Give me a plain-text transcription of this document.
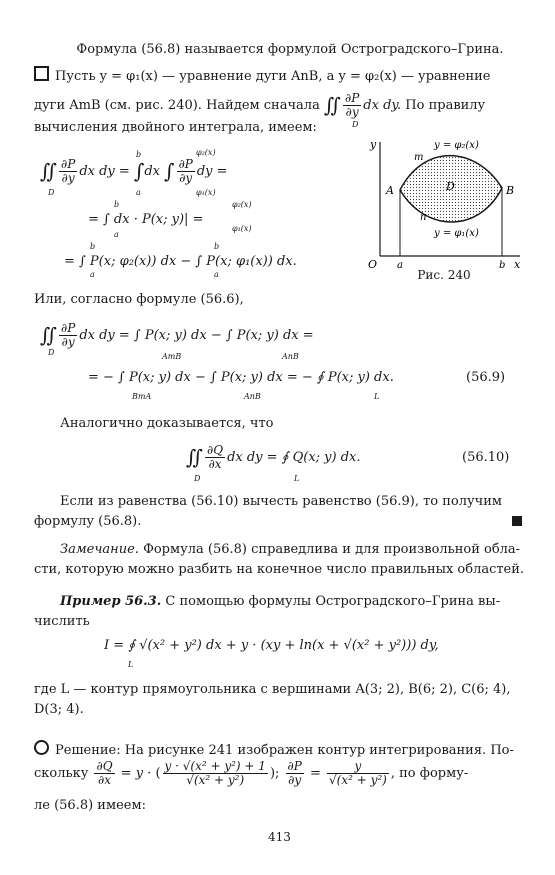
Формула (56.8) называется формулой Остроградского–Грина.
Пусть y = φ₁(x) — уравнение дуги AnB, а y = φ₂(x) — уравнение
дуги AmB (см. рис. 240). Найдем сначала ∬ $\frac{\partial P}{\partial y}$ dx dy. По правилу
D
вычисления двойного интеграла, имеем:
∬ $\frac{\partial P}{\partial y}$ dx dy = ∫dx ∫ $\frac{\partial P}{\partial y}$ dy =
D
b
a
φ₂(x)
φ₁(x)
= ∫ dx · P(x; y)| =
b
a
φ₂(x)
φ₁(x)
= ∫ P(x; φ₂(x)) dx − ∫ P(x; φ₁(x)) dx.
b
a
b
a
y
x
O a	b
A	B
D
m
n
y = φ₂(x)
y = φ₁(x)
Рис. 240
Или, согласно формуле (56.6),
∬ $\frac{\partial P}{\partial y}$ dx dy = ∫ P(x; y) dx − ∫ P(x; y) dx =
D	AmB	AnB
= − ∫ P(x; y) dx − ∫ P(x; y) dx = − ∮ P(x; y) dx.	(56.9)
BmA	AnB	L
Аналогично доказывается, что
∬ $\frac{\partial Q}{\partial x}$ dx dy = ∮ Q(x; y) dx.
D	L
(56.10)
Если из равенства (56.10) вычесть равенство (56.9), то получим
формулу (56.8).
Замечание. Формула (56.8) справедлива и для произвольной обла-
сти, которую можно разбить на конечное число правильных областей.
Пример 56.3. С помощью формулы Остроградского–Грина вы-
числить
I = ∮ √(x² + y²) dx + y · (xy + ln(x + √(x² + y²))) dy,
L
где L — контур прямоугольника с вершинами A(3; 2), B(6; 2), C(6; 4),
D(3; 4).
Решение: На рисунке 241 изображен контур интегрирования. По-
скольку $\frac{\partial Q}{\partial x} = y$ · ( $\frac{\text{y · √(x² + y²) + 1}}{\text{√(x² + y²)}}$ ); $\frac{\partial P}{\partial y} = \frac{y}{\text{√(x² + y²)}}$ , по форму-
ле (56.8) имеем:
413
